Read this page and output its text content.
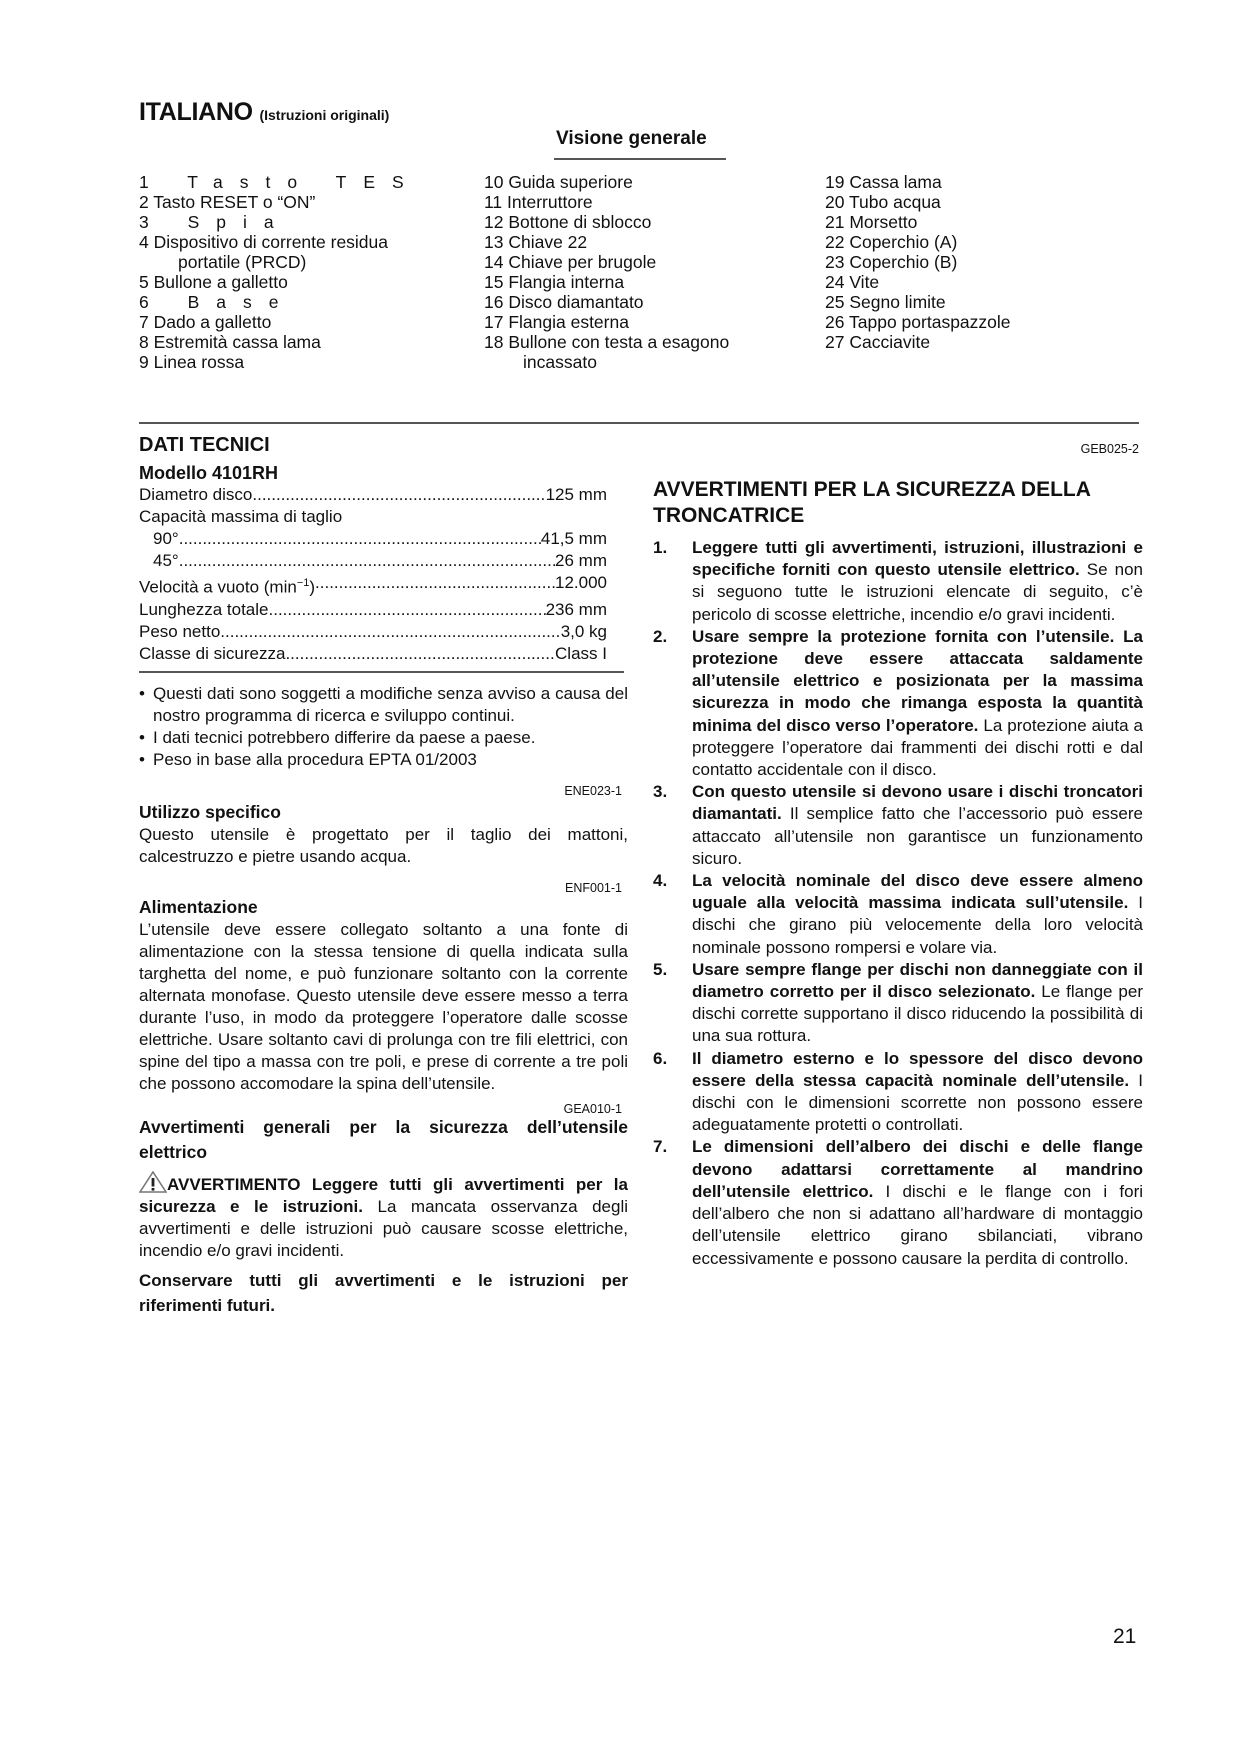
ITALIANO (Istruzioni originali)
Visione generale
1 Tasto TES
2 Tasto RESET o “ON”
3 Spia
4 Dispositivo di corrente residua
portatile (PRCD)
5 Bullone a galletto
6 Base
7 Dado a galletto
8 Estremità cassa lama
9 Linea rossa
10 Guida superiore
11 Interruttore
12 Bottone di sblocco
13 Chiave 22
14 Chiave per brugole
15 Flangia interna
16 Disco diamantato
17 Flangia esterna
18 Bullone con testa a esagono
incassato
19 Cassa lama
20 Tubo acqua
21 Morsetto
22 Coperchio (A)
23 Coperchio (B)
24 Vite
25 Segno limite
26 Tappo portaspazzole
27 Cacciavite
GEB025-2
DATI TECNICI
Modello 4101RH
Diametro disco .....	125 mm
Capacità massima di taglio
90° .....	41,5 mm
45° .....	26 mm
Velocità a vuoto $(\min^{-1})$ .....	12.000
Lunghezza totale .....	236 mm
Peso netto .....	3,0 kg
Classe di sicurezza .....	Class I
• Questi dati sono soggetti a modifiche senza avviso a causa del nostro programma di ricerca e sviluppo continui.
• I dati tecnici potrebbero differire da paese a paese.
• Peso in base alla procedura EPTA 01/2003
ENE023-1
Utilizzo specifico

Questo utensile è progettato per il taglio dei mattoni, calcestruzzo e pietre usando acqua.

ENF001-1
Alimentazione

L’utensile deve essere collegato soltanto a una fonte di alimentazione con la stessa tensione di quella indicata sulla targhetta del nome, e può funzionare soltanto con la corrente alternata monofase. Questo utensile deve essere messo a terra durante l’uso, in modo da proteggere l’operatore dalle scosse elettriche. Usare soltanto cavi di prolunga con tre fili elettrici, con spine del tipo a massa con tre poli, e prese di corrente a tre poli che possono accomodare la spina dell’utensile.

GEA010-1
Avvertimenti generali per la sicurezza dell’utensile elettrico

AVVERTIMENTO Leggere tutti gli avvertimenti per la sicurezza e le istruzioni. La mancata osservanza degli avvertimenti e delle istruzioni può causare scosse elettriche, incendio e/o gravi incidenti.

Conservare tutti gli avvertimenti e le istruzioni per riferimenti futuri.

AVVERTIMENTI PER LA SICUREZZA DELLA TRONCATRICE
1. Leggere tutti gli avvertimenti, istruzioni, illustrazioni e specifiche forniti con questo utensile elettrico. Se non si seguono tutte le istruzioni elencate di seguito, c’è pericolo di scosse elettriche, incendio e/o gravi incidenti.
2. Usare sempre la protezione fornita con l’utensile. La protezione deve essere attaccata saldamente all’utensile elettrico e posizionata per la massima sicurezza in modo che rimanga esposta la quantità minima del disco verso l’operatore. La protezione aiuta a proteggere l’operatore dai frammenti dei dischi rotti e dal contatto accidentale con il disco.
3. Con questo utensile si devono usare i dischi troncatori diamantati. Il semplice fatto che l’accessorio può essere attaccato all’utensile non garantisce un funzionamento sicuro.
4. La velocità nominale del disco deve essere almeno uguale alla velocità massima indicata sull’utensile. I dischi che girano più velocemente della loro velocità nominale possono rompersi e volare via.
5. Usare sempre flange per dischi non danneggiate con il diametro corretto per il disco selezionato. Le flange per dischi corrette supportano il disco riducendo la possibilità di una sua rottura.
6. Il diametro esterno e lo spessore del disco devono essere della stessa capacità nominale dell’utensile. I dischi con le dimensioni scorrette non possono essere adeguatamente protetti o controllati.
7. Le dimensioni dell’albero dei dischi e delle flange devono adattarsi correttamente al mandrino dell’utensile elettrico. I dischi e le flange con i fori dell’albero che non si adattano all’hardware di montaggio dell’utensile elettrico girano sbilanciati, vibrano eccessivamente e possono causare la perdita di controllo.
21
